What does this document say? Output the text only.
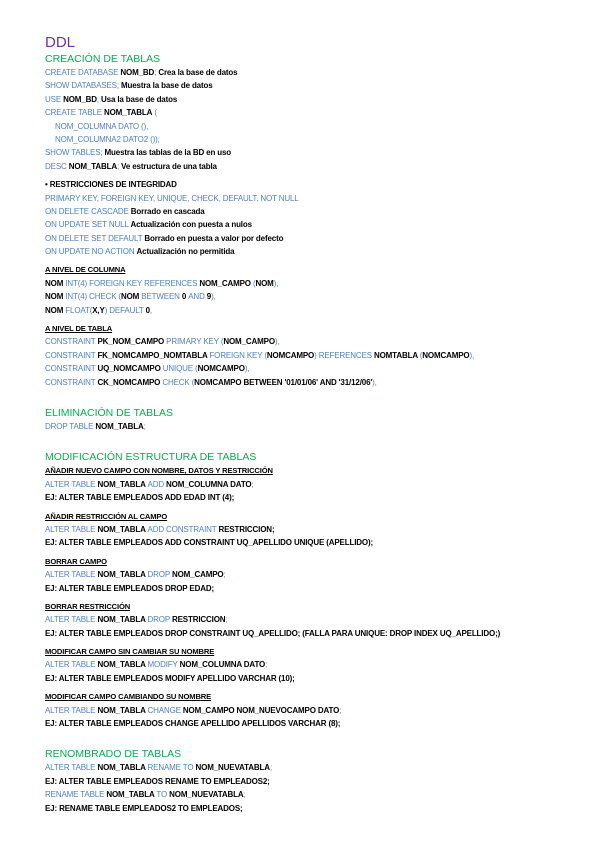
DDL
CREACIÓN DE TABLAS
CREATE DATABASE NOM_BD; Crea la base de datos
SHOW DATABASES; Muestra la base de datos
USE NOM_BD; Usa la base de datos
CREATE TABLE NOM_TABLA (
NOM_COLUMNA DATO (),
NOM_COLUMNA2 DATO2 ());
SHOW TABLES; Muestra las tablas de la BD en uso
DESC NOM_TABLA; Ve estructura de una tabla
• RESTRICCIONES DE INTEGRIDAD
PRIMARY KEY, FOREIGN KEY, UNIQUE, CHECK, DEFAULT, NOT NULL
ON DELETE CASCADE Borrado en cascada
ON UPDATE SET NULL Actualización con puesta a nulos
ON DELETE SET DEFAULT Borrado en puesta a valor por defecto
ON UPDATE NO ACTION Actualización no permitida
A NIVEL DE COLUMNA
NOM INT(4) FOREIGN KEY REFERENCES NOM_CAMPO (NOM),
NOM INT(4) CHECK (NOM BETWEEN 0 AND 9),
NOM FLOAT(X,Y) DEFAULT 0,
A NIVEL DE TABLA
CONSTRAINT PK_NOM_CAMPO PRIMARY KEY (NOM_CAMPO),
CONSTRAINT FK_NOMCAMPO_NOMTABLA FOREIGN KEY (NOMCAMPO) REFERENCES NOMTABLA (NOMCAMPO),
CONSTRAINT UQ_NOMCAMPO UNIQUE (NOMCAMPO),
CONSTRAINT CK_NOMCAMPO CHECK (NOMCAMPO BETWEEN '01/01/06' AND '31/12/06'),
ELIMINACIÓN DE TABLAS
DROP TABLE NOM_TABLA;
MODIFICACIÓN ESTRUCTURA DE TABLAS
AÑADIR NUEVO CAMPO CON NOMBRE, DATOS Y RESTRICCIÓN
ALTER TABLE NOM_TABLA ADD NOM_COLUMNA DATO;
EJ: ALTER TABLE EMPLEADOS ADD EDAD INT (4);
AÑADIR RESTRICCIÓN AL CAMPO
ALTER TABLE NOM_TABLA ADD CONSTRAINT RESTRICCION;
EJ: ALTER TABLE EMPLEADOS ADD CONSTRAINT UQ_APELLIDO UNIQUE (APELLIDO);
BORRAR CAMPO
ALTER TABLE NOM_TABLA DROP NOM_CAMPO;
EJ: ALTER TABLE EMPLEADOS DROP EDAD;
BORRAR RESTRICCIÓN
ALTER TABLE NOM_TABLA DROP RESTRICCION;
EJ: ALTER TABLE EMPLEADOS DROP CONSTRAINT UQ_APELLIDO; (FALLA PARA UNIQUE: DROP INDEX UQ_APELLIDO;)
MODIFICAR CAMPO SIN CAMBIAR SU NOMBRE
ALTER TABLE NOM_TABLA MODIFY NOM_COLUMNA DATO;
EJ: ALTER TABLE EMPLEADOS MODIFY APELLIDO VARCHAR (10);
MODIFICAR CAMPO CAMBIANDO SU NOMBRE
ALTER TABLE NOM_TABLA CHANGE NOM_CAMPO NOM_NUEVOCAMPO DATO;
EJ: ALTER TABLE EMPLEADOS CHANGE APELLIDO APELLIDOS VARCHAR (8);
RENOMBRADO DE TABLAS
ALTER TABLE NOM_TABLA RENAME TO NOM_NUEVATABLA;
EJ: ALTER TABLE EMPLEADOS RENAME TO EMPLEADOS2;
RENAME TABLE NOM_TABLA TO NOM_NUEVATABLA;
EJ: RENAME TABLE EMPLEADOS2 TO EMPLEADOS;
